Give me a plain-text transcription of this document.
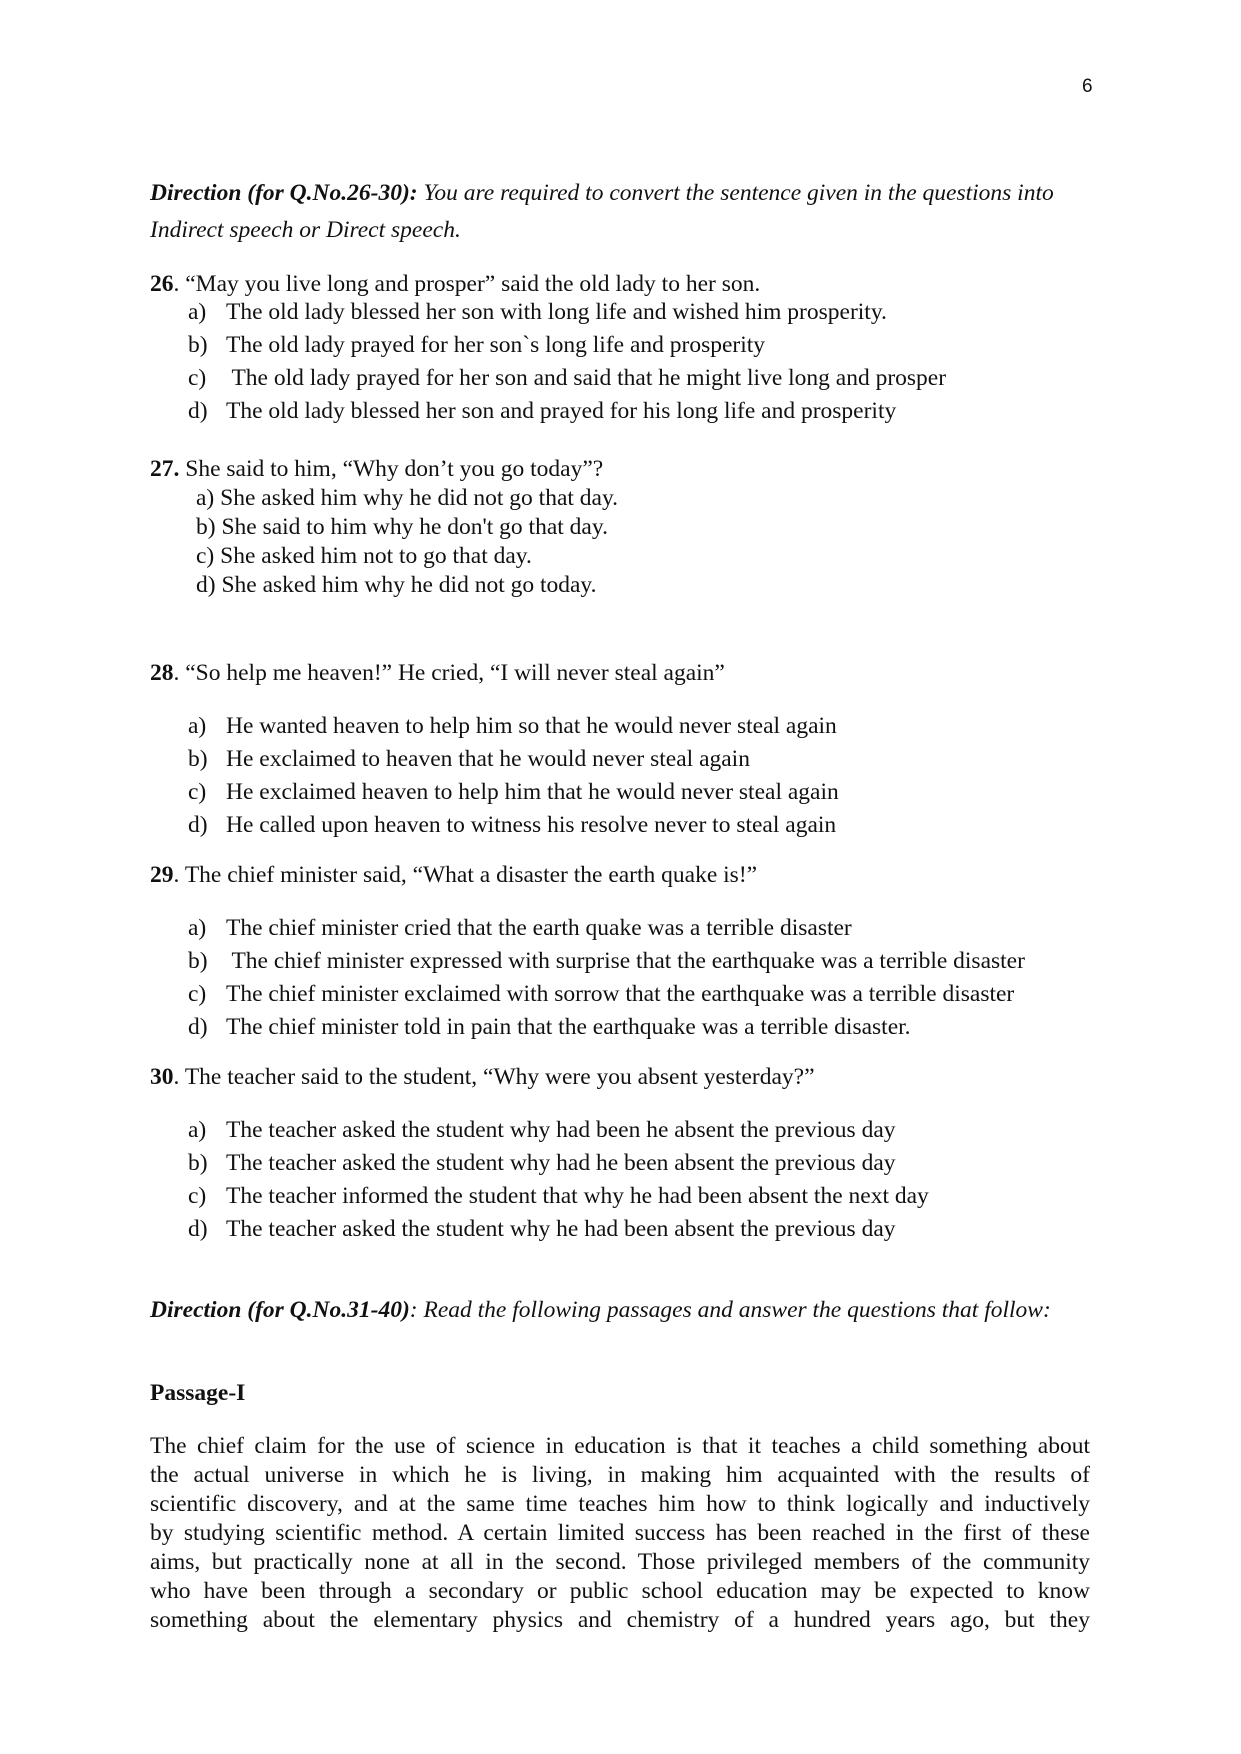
6
Direction (for Q.No.26-30): You are required to convert the sentence given in the questions into Indirect speech or Direct speech.
26. “May you live long and prosper” said the old lady to her son.
a) The old lady blessed her son with long life and wished him prosperity.
b) The old lady prayed for her son`s long life and prosperity
c) The old lady prayed for her son and said that he might live long and prosper
d) The old lady blessed her son and prayed for his long life and prosperity
27. She said to him, “Why don’t you go today”?
a) She asked him why he did not go that day.
b) She said to him why he don't go that day.
c) She asked him not to go that day.
d) She asked him why he did not go today.
28. “So help me heaven!” He cried, “I will never steal again”
a) He wanted heaven to help him so that he would never steal again
b) He exclaimed to heaven that he would never steal again
c) He exclaimed heaven to help him that he would never steal again
d) He called upon heaven to witness his resolve never to steal again
29. The chief minister said, “What a disaster the earth quake is!”
a) The chief minister cried that the earth quake was a terrible disaster
b) The chief minister expressed with surprise that the earthquake was a terrible disaster
c) The chief minister exclaimed with sorrow that the earthquake was a terrible disaster
d) The chief minister told in pain that the earthquake was a terrible disaster.
30. The teacher said to the student, “Why were you absent yesterday?”
a) The teacher asked the student why had been he absent the previous day
b) The teacher asked the student why had he been absent the previous day
c) The teacher informed the student that why he had been absent the next day
d) The teacher asked the student why he had been absent the previous day
Direction (for Q.No.31-40): Read the following passages and answer the questions that follow:
Passage-I
The chief claim for the use of science in education is that it teaches a child something about
the actual universe in which he is living, in making him acquainted with the results of
scientific discovery, and at the same time teaches him how to think logically and inductively
by studying scientific method. A certain limited success has been reached in the first of these
aims, but practically none at all in the second. Those privileged members of the community
who have been through a secondary or public school education may be expected to know
something about the elementary physics and chemistry of a hundred years ago, but they
